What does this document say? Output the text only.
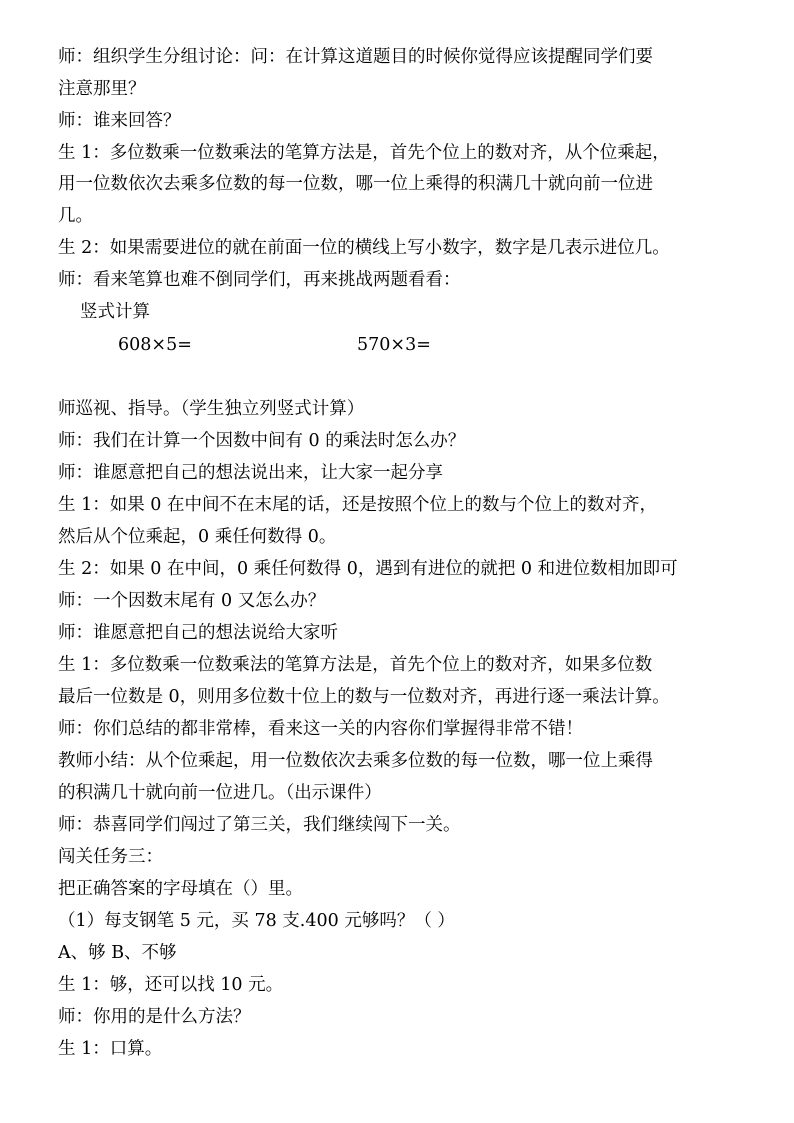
师：组织学生分组讨论：问：在计算这道题目的时候你觉得应该提醒同学们要
注意那里？
师：谁来回答？
生 1：多位数乘一位数乘法的笔算方法是，首先个位上的数对齐，从个位乘起，
用一位数依次去乘多位数的每一位数，哪一位上乘得的积满几十就向前一位进
几。
生 2：如果需要进位的就在前面一位的横线上写小数字，数字是几表示进位几。
师：看来笔算也难不倒同学们，再来挑战两题看看：
竖式计算
608×5=	570×3=
师巡视、指导。（学生独立列竖式计算）
师：我们在计算一个因数中间有 0 的乘法时怎么办？
师：谁愿意把自己的想法说出来，让大家一起分享
生 1：如果 0 在中间不在末尾的话，还是按照个位上的数与个位上的数对齐，
然后从个位乘起，0 乘任何数得 0。
生 2：如果 0 在中间，0 乘任何数得 0，遇到有进位的就把 0 和进位数相加即可
师：一个因数末尾有 0 又怎么办？
师：谁愿意把自己的想法说给大家听
生 1：多位数乘一位数乘法的笔算方法是，首先个位上的数对齐，如果多位数
最后一位数是 0，则用多位数十位上的数与一位数对齐，再进行逐一乘法计算。
师：你们总结的都非常棒，看来这一关的内容你们掌握得非常不错！
教师小结：从个位乘起，用一位数依次去乘多位数的每一位数，哪一位上乘得
的积满几十就向前一位进几。（出示课件）
师：恭喜同学们闯过了第三关，我们继续闯下一关。
闯关任务三：
把正确答案的字母填在（）里。
（1）每支钢笔 5 元，买 78 支.400 元够吗？（ ）
A、够 B、不够
生 1：够，还可以找 10 元。
师：你用的是什么方法？
生 1：口算。
